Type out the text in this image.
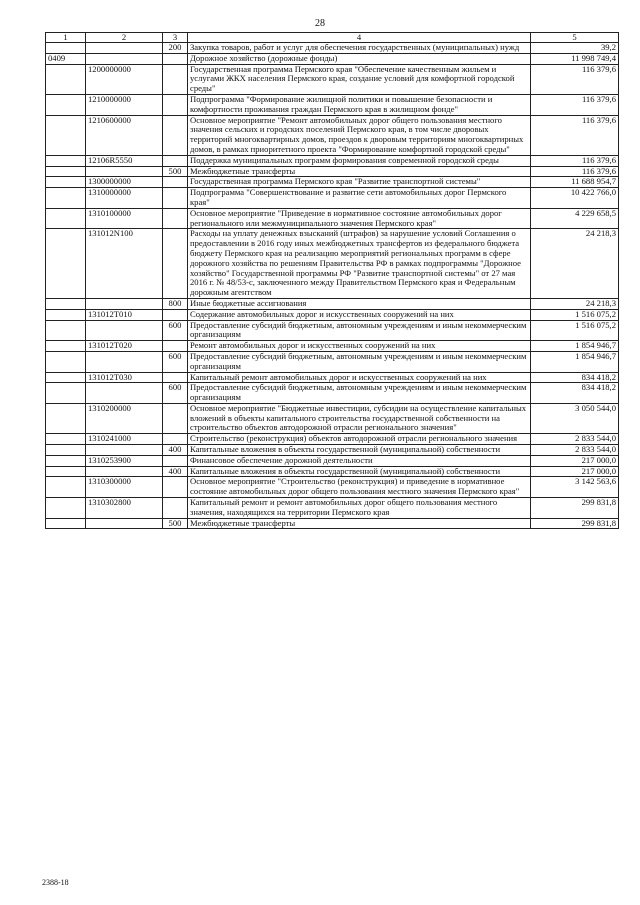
28
1	2	3	4	5
		200	Закупка товаров, работ и услуг для обеспечения государственных (муниципальных) нужд	39,2
0409			Дорожное хозяйство (дорожные фонды)	11 998 749,4
	1200000000		Государственная программа Пермского края "Обеспечение качественным жильем и услугами ЖКХ населения Пермского края, создание условий для комфортной городской среды"	116 379,6
	1210000000		Подпрограмма "Формирование жилищной политики и повышение безопасности и комфортности проживания граждан Пермского края в жилищном фонде"	116 379,6
	1210600000		Основное мероприятие "Ремонт автомобильных дорог общего пользования местного значения сельских и городских поселений Пермского края, в том числе дворовых территорий многоквартирных домов, проездов к дворовым территориям многоквартирных домов, в рамках приоритетного проекта "Формирование комфортной городской среды"	116 379,6
	12106R5550		Поддержка муниципальных программ формирования современной городской среды	116 379,6
		500	Межбюджетные трансферты	116 379,6
	1300000000		Государственная программа Пермского края "Развитие транспортной системы"	11 688 954,7
	1310000000		Подпрограмма "Совершенствование и развитие сети автомобильных дорог Пермского края"	10 422 766,0
	1310100000		Основное мероприятие "Приведение в нормативное состояние автомобильных дорог регионального или межмуниципального значения Пермского края"	4 229 658,5
	131012N100		Расходы на уплату денежных взысканий (штрафов) за нарушение условий Соглашения о предоставлении в 2016 году иных межбюджетных трансфертов из федерального бюджета бюджету Пермского края на реализацию мероприятий региональных программ в сфере дорожного хозяйства по решениям Правительства РФ в рамках подпрограммы "Дорожное хозяйство" Государственной программы РФ "Развитие транспортной системы" от 27 мая 2016 г. № 48/53-с, заключенного между Правительством Пермского края и Федеральным дорожным агентством	24 218,3
		800	Иные бюджетные ассигнования	24 218,3
	131012Т010		Содержание автомобильных дорог и искусственных сооружений на них	1 516 075,2
		600	Предоставление субсидий бюджетным, автономным учреждениям и иным некоммерческим организациям	1 516 075,2
	131012Т020		Ремонт автомобильных дорог и искусственных сооружений на них	1 854 946,7
		600	Предоставление субсидий бюджетным, автономным учреждениям и иным некоммерческим организациям	1 854 946,7
	131012Т030		Капитальный ремонт автомобильных дорог и искусственных сооружений на них	834 418,2
		600	Предоставление субсидий бюджетным, автономным учреждениям и иным некоммерческим организациям	834 418,2
	1310200000		Основное мероприятие "Бюджетные инвестиции, субсидии на осуществление капитальных вложений в объекты капитального строительства государственной собственности на строительство объектов автодорожной отрасли регионального значения"	3 050 544,0
	1310241000		Строительство (реконструкция) объектов автодорожной отрасли регионального значения	2 833 544,0
		400	Капитальные вложения в объекты государственной (муниципальной) собственности	2 833 544,0
	1310253900		Финансовое обеспечение дорожной деятельности	217 000,0
		400	Капитальные вложения в объекты государственной (муниципальной) собственности	217 000,0
	1310300000		Основное мероприятие "Строительство (реконструкция) и приведение в нормативное состояние автомобильных дорог общего пользования местного значения Пермского края"	3 142 563,6
	1310302800		Капитальный ремонт и ремонт автомобильных дорог общего пользования местного значения, находящихся на территории Пермского края	299 831,8
		500	Межбюджетные трансферты	299 831,8
2388-18
